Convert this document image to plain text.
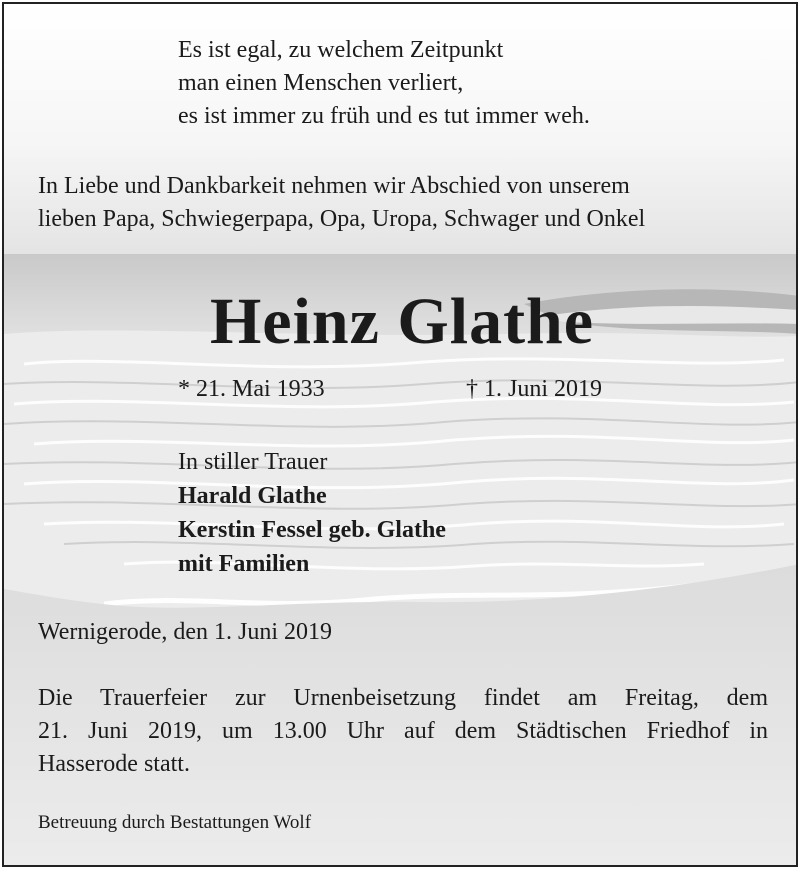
Es ist egal, zu welchem Zeitpunkt

man einen Menschen verliert,

es ist immer zu früh und es tut immer weh.

In Liebe und Dankbarkeit nehmen wir Abschied von unserem

lieben Papa, Schwiegerpapa, Opa, Uropa, Schwager und Onkel

Heinz Glathe

* 21. Mai 1933	† 1. Juni 2019

In stiller Trauer

Harald Glathe

Kerstin Fessel geb. Glathe

mit Familien

Wernigerode, den 1. Juni 2019

Die Trauerfeier zur Urnenbeisetzung findet am Freitag, dem
21. Juni 2019, um 13.00 Uhr auf dem Städtischen Friedhof in
Hasserode statt.

Betreuung durch Bestattungen Wolf
